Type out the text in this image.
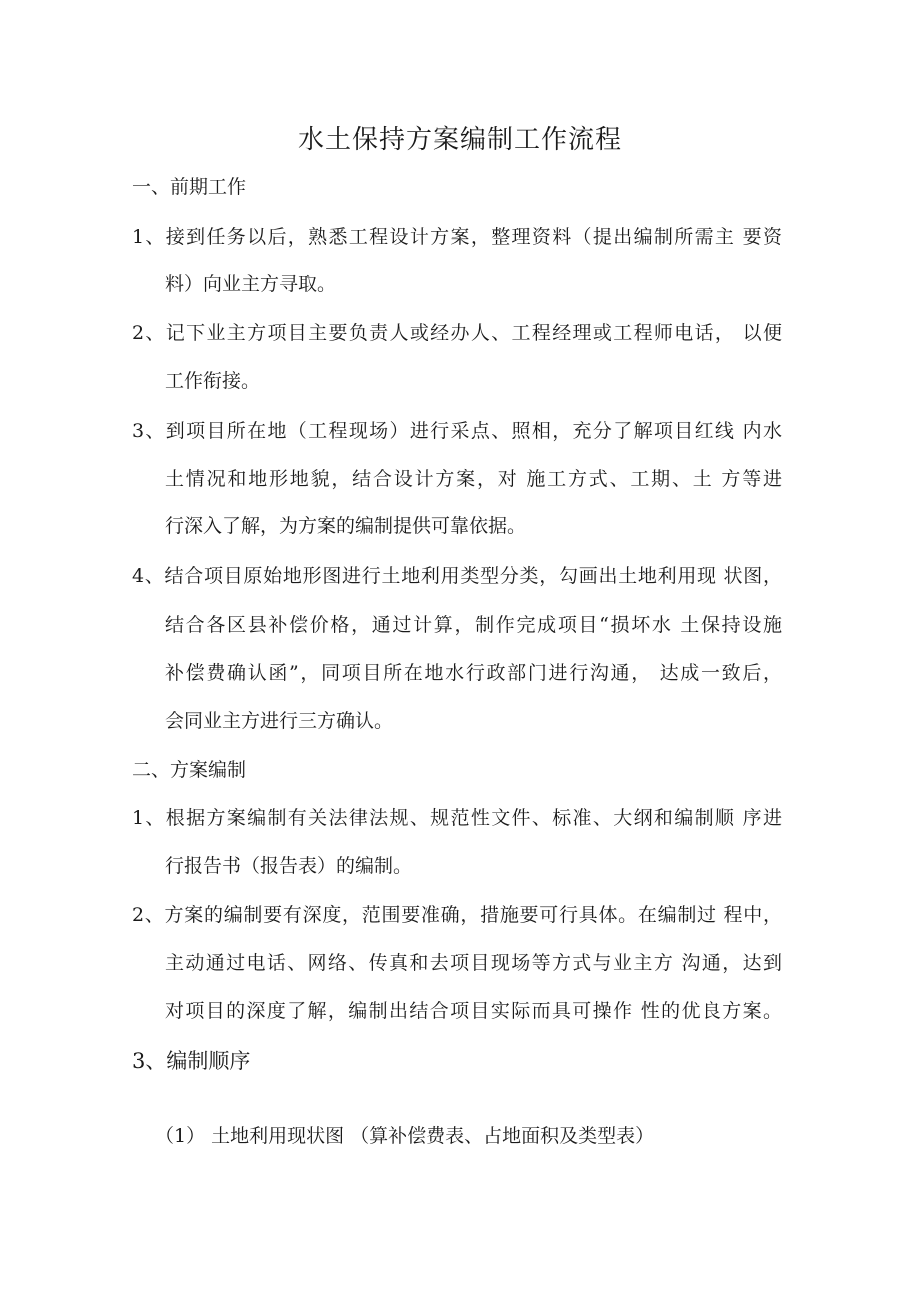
水土保持方案编制工作流程
一、前期工作
1、接到任务以后，熟悉工程设计方案，整理资料（提出编制所需主 要资
料）向业主方寻取。
2、记下业主方项目主要负责人或经办人、工程经理或工程师电话， 以便
工作衔接。
3、到项目所在地（工程现场）进行采点、照相，充分了解项目红线 内水
土情况和地形地貌，结合设计方案，对 施工方式、工期、土 方等进
行深入了解，为方案的编制提供可靠依据。
4、结合项目原始地形图进行土地利用类型分类，勾画出土地利用现 状图，
结合各区县补偿价格，通过计算，制作完成项目“损坏水 土保持设施
补偿费确认函”，同项目所在地水行政部门进行沟通， 达成一致后，
会同业主方进行三方确认。
二、方案编制
1、根据方案编制有关法律法规、规范性文件、标准、大纲和编制顺 序进
行报告书（报告表）的编制。
2、方案的编制要有深度，范围要准确，措施要可行具体。在编制过 程中，
主动通过电话、网络、传真和去项目现场等方式与业主方 沟通，达到
对项目的深度了解，编制出结合项目实际而具可操作 性的优良方案。
3、编制顺序
（1） 土地利用现状图 （算补偿费表、占地面积及类型表）
